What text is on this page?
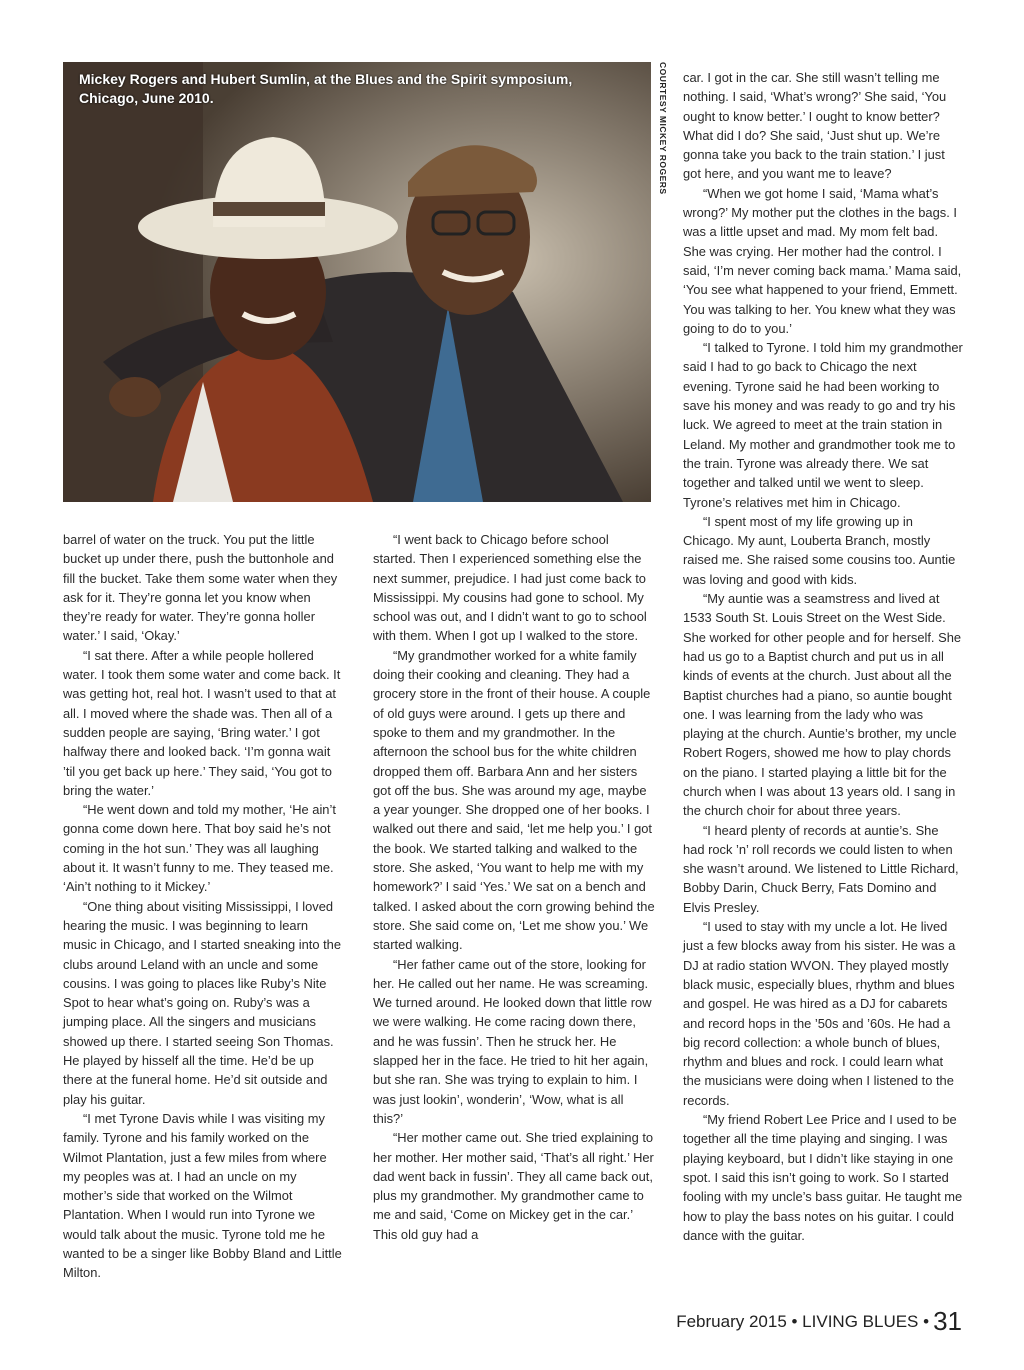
Mickey Rogers and Hubert Sumlin, at the Blues and the Spirit symposium, Chicago, June 2010.	COURTESY MICKEY ROGERS

barrel of water on the truck. You put the little bucket up under there, push the buttonhole and fill the bucket. Take them some water when they ask for it. They’re gonna let you know when they’re ready for water. They’re gonna holler water.’ I said, ‘Okay.’

“I sat there. After a while people hollered water. I took them some water and come back. It was getting hot, real hot. I wasn’t used to that at all. I moved where the shade was. Then all of a sudden people are saying, ‘Bring water.’ I got halfway there and looked back. ‘I’m gonna wait ’til you get back up here.’ They said, ‘You got to bring the water.’

“He went down and told my mother, ‘He ain’t gonna come down here. That boy said he’s not coming in the hot sun.’ They was all laughing about it. It wasn’t funny to me. They teased me. ‘Ain’t nothing to it Mickey.’

“One thing about visiting Mississippi, I loved hearing the music. I was beginning to learn music in Chicago, and I started sneaking into the clubs around Leland with an uncle and some cousins. I was going to places like Ruby’s Nite Spot to hear what’s going on. Ruby’s was a jumping place. All the singers and musicians showed up there. I started seeing Son Thomas. He played by hisself all the time. He’d be up there at the funeral home. He’d sit outside and play his guitar.

“I met Tyrone Davis while I was visiting my family. Tyrone and his family worked on the Wilmot Plantation, just a few miles from where my peoples was at. I had an uncle on my mother’s side that worked on the Wilmot Plantation. When I would run into Tyrone we would talk about the music. Tyrone told me he wanted to be a singer like Bobby Bland and Little Milton.

“I went back to Chicago before school started. Then I experienced something else the next summer, prejudice. I had just come back to Mississippi. My cousins had gone to school. My school was out, and I didn’t want to go to school with them. When I got up I walked to the store.

“My grandmother worked for a white family doing their cooking and cleaning. They had a grocery store in the front of their house. A couple of old guys were around. I gets up there and spoke to them and my grandmother. In the afternoon the school bus for the white children dropped them off. Barbara Ann and her sisters got off the bus. She was around my age, maybe a year younger. She dropped one of her books. I walked out there and said, ‘let me help you.’ I got the book. We started talking and walked to the store. She asked, ‘You want to help me with my homework?’ I said ‘Yes.’ We sat on a bench and talked. I asked about the corn growing behind the store. She said come on, ‘Let me show you.’ We started walking.

“Her father came out of the store, looking for her. He called out her name. He was screaming. We turned around. He looked down that little row we were walking. He come racing down there, and he was fussin’. Then he struck her. He slapped her in the face. He tried to hit her again, but she ran. She was trying to explain to him. I was just lookin’, wonderin’, ‘Wow, what is all this?’

“Her mother came out. She tried explaining to her mother. Her mother said, ‘That’s all right.’ Her dad went back in fussin’. They all came back out, plus my grandmother. My grandmother came to me and said, ‘Come on Mickey get in the car.’ This old guy had a

car. I got in the car. She still wasn’t telling me nothing. I said, ‘What’s wrong?’ She said, ‘You ought to know better.’ I ought to know better? What did I do? She said, ‘Just shut up. We’re gonna take you back to the train station.’ I just got here, and you want me to leave?

“When we got home I said, ‘Mama what’s wrong?’ My mother put the clothes in the bags. I was a little upset and mad. My mom felt bad. She was crying. Her mother had the control. I said, ‘I’m never coming back mama.’ Mama said, ‘You see what happened to your friend, Emmett. You was talking to her. You knew what they was going to do to you.’

“I talked to Tyrone. I told him my grandmother said I had to go back to Chicago the next evening. Tyrone said he had been working to save his money and was ready to go and try his luck. We agreed to meet at the train station in Leland. My mother and grandmother took me to the train. Tyrone was already there. We sat together and talked until we went to sleep. Tyrone’s relatives met him in Chicago.

“I spent most of my life growing up in Chicago. My aunt, Louberta Branch, mostly raised me. She raised some cousins too. Auntie was loving and good with kids.

“My auntie was a seamstress and lived at 1533 South St. Louis Street on the West Side. She worked for other people and for herself. She had us go to a Baptist church and put us in all kinds of events at the church. Just about all the Baptist churches had a piano, so auntie bought one. I was learning from the lady who was playing at the church. Auntie’s brother, my uncle Robert Rogers, showed me how to play chords on the piano. I started playing a little bit for the church when I was about 13 years old. I sang in the church choir for about three years.

“I heard plenty of records at auntie’s. She had rock ’n’ roll records we could listen to when she wasn’t around. We listened to Little Richard, Bobby Darin, Chuck Berry, Fats Domino and Elvis Presley.

“I used to stay with my uncle a lot. He lived just a few blocks away from his sister. He was a DJ at radio station WVON. They played mostly black music, especially blues, rhythm and blues and gospel. He was hired as a DJ for cabarets and record hops in the ’50s and ’60s. He had a big record collection: a whole bunch of blues, rhythm and blues and rock. I could learn what the musicians were doing when I listened to the records.

“My friend Robert Lee Price and I used to be together all the time playing and singing. I was playing keyboard, but I didn’t like staying in one spot. I said this isn’t going to work. So I started fooling with my uncle’s bass guitar. He taught me how to play the bass notes on his guitar. I could dance with the guitar.

February 2015 • LIVING BLUES • 31
